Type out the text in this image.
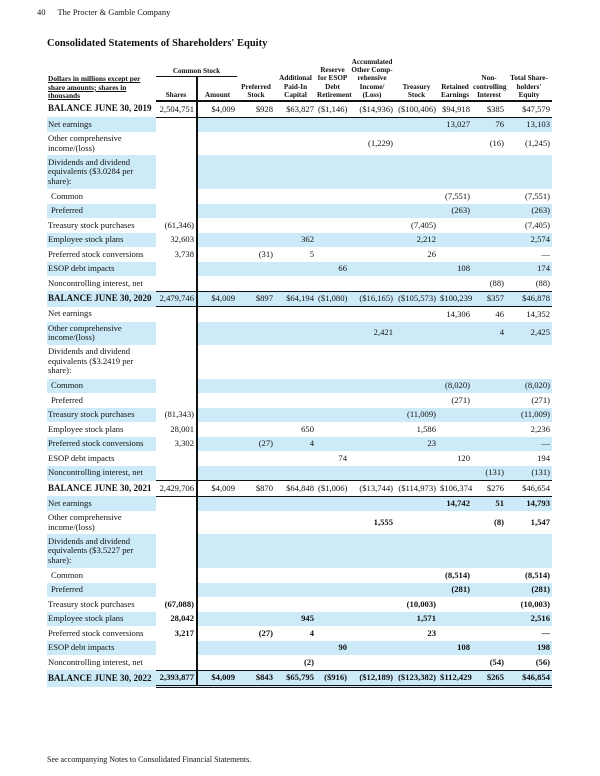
40 The Procter & Gamble Company
Consolidated Statements of Shareholders' Equity
Dollars in millions except per share amounts; shares in thousands	Common Stock		Preferred Stock	Additional Paid-In Capital	Reserve for ESOP Debt Retirement	Accumulated Other Comp-rehensive Income/ (Loss)	Treasury Stock	Retained Earnings	Non-controlling Interest	Total Share-holders' Equity
	Shares	Amount								
BALANCE JUNE 30, 2019	2,504,751	$4,009	$928	$63,827	($1,146)	($14,936)	($100,406)	$94,918	$385	$47,579
Net earnings								13,027	76	13,103
Other comprehensive income/(loss)						(1,229)			(16)	(1,245)
Dividends and dividend equivalents ($3.0284 per share):										
Common								(7,551)		(7,551)
Preferred								(263)		(263)
Treasury stock purchases	(61,346)						(7,405)			(7,405)
Employee stock plans	32,603			362			2,212			2,574
Preferred stock conversions	3,738		(31)	5			26			—
ESOP debt impacts					66			108		174
Noncontrolling interest, net									(88)	(88)
BALANCE JUNE 30, 2020	2,479,746	$4,009	$897	$64,194	($1,080)	($16,165)	($105,573)	$100,239	$357	$46,878
Net earnings								14,306	46	14,352
Other comprehensive income/(loss)						2,421			4	2,425
Dividends and dividend equivalents ($3.2419 per share):										
Common								(8,020)		(8,020)
Preferred								(271)		(271)
Treasury stock purchases	(81,343)						(11,009)			(11,009)
Employee stock plans	28,001			650			1,586			2,236
Preferred stock conversions	3,302		(27)	4			23			—
ESOP debt impacts					74			120		194
Noncontrolling interest, net									(131)	(131)
BALANCE JUNE 30, 2021	2,429,706	$4,009	$870	$64,848	($1,006)	($13,744)	($114,973)	$106,374	$276	$46,654
Net earnings								14,742	51	14,793
Other comprehensive income/(loss)						1,555			(8)	1,547
Dividends and dividend equivalents ($3.5227 per share):										
Common								(8,514)		(8,514)
Preferred								(281)		(281)
Treasury stock purchases	(67,088)						(10,003)			(10,003)
Employee stock plans	28,042			945			1,571			2,516
Preferred stock conversions	3,217		(27)	4			23			—
ESOP debt impacts					90			108		198
Noncontrolling interest, net				(2)					(54)	(56)
BALANCE JUNE 30, 2022	2,393,877	$4,009	$843	$65,795	($916)	($12,189)	($123,382)	$112,429	$265	$46,854
See accompanying Notes to Consolidated Financial Statements.
